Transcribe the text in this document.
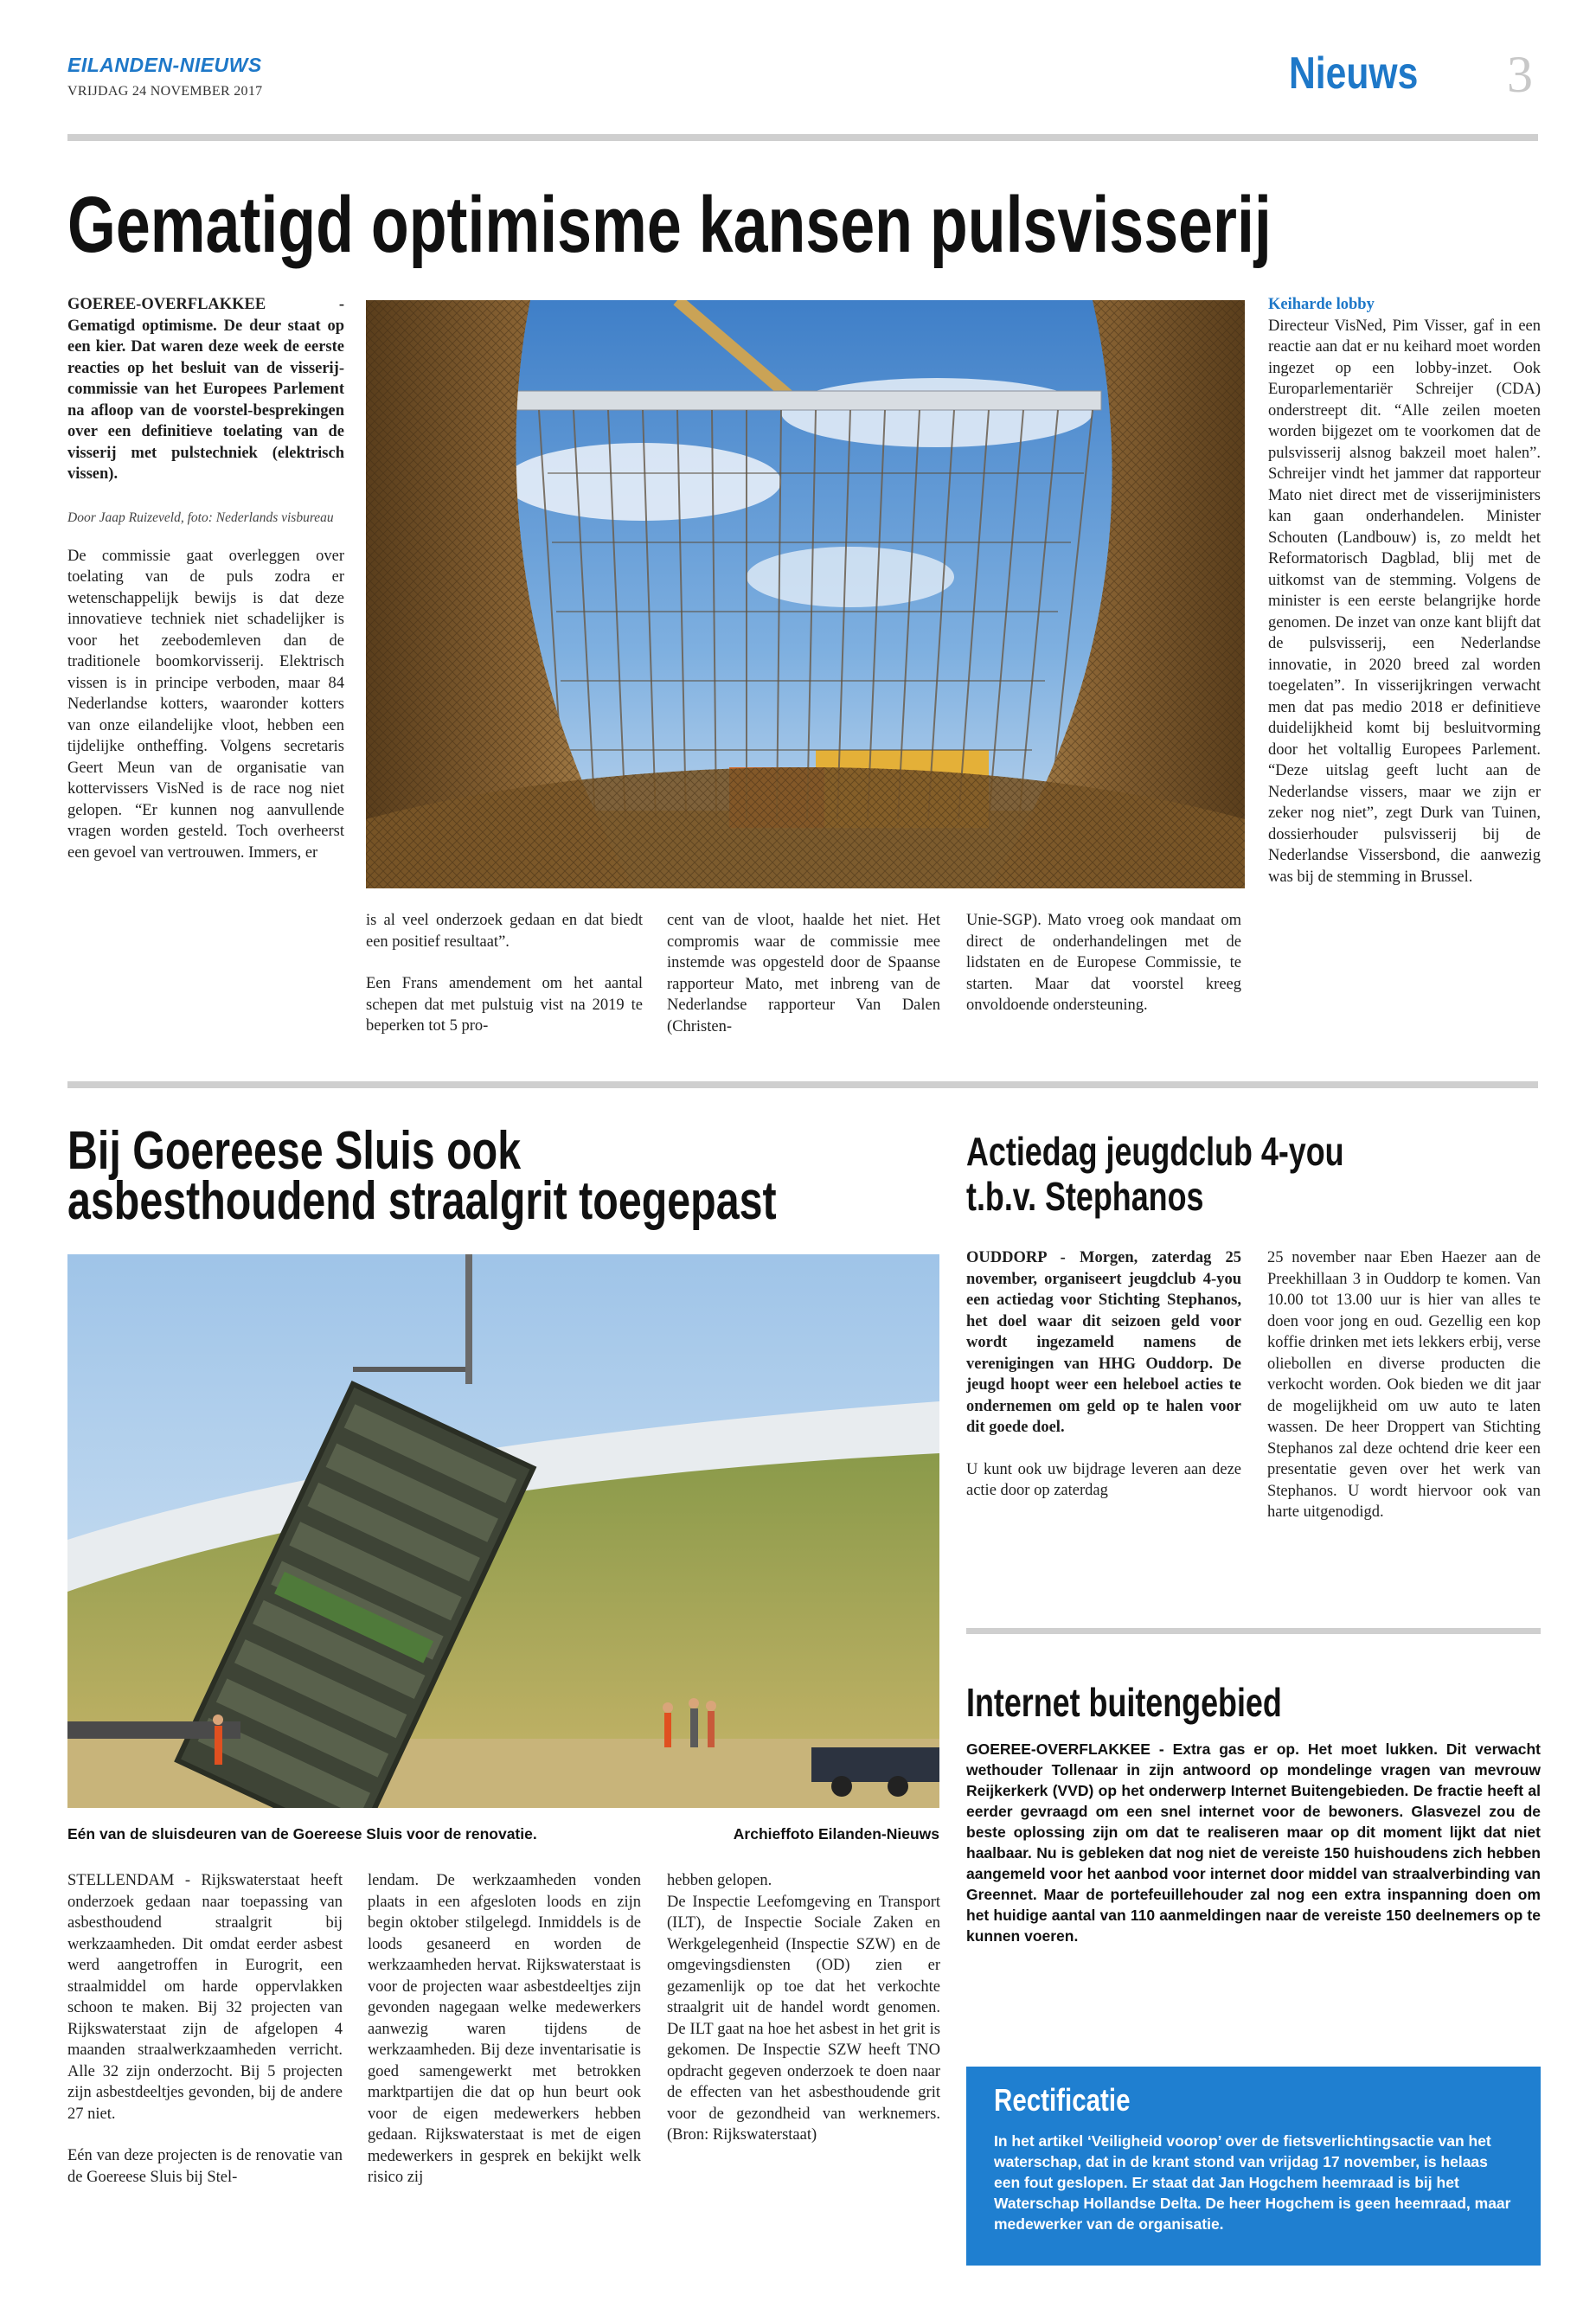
EILANDEN-NIEUWS
VRIJDAG 24 NOVEMBER 2017	Nieuws 3
Gematigd optimisme kansen pulsvisserij

GOEREE-OVERFLAKKEE - Gematigd optimisme. De deur staat op een kier. Dat waren deze week de eerste reacties op het besluit van de visserij-commissie van het Europees Parlement na afloop van de voorstel-besprekingen over een definitieve toelating van de visserij met pulstechniek (elektrisch vissen).

Door Jaap Ruizeveld, foto: Nederlands visbureau

De commissie gaat overleggen over toelating van de puls zodra er wetenschappelijk bewijs is dat deze innovatieve techniek niet schadelijker is voor het zeebodemleven dan de traditionele boomkorvisserij. Elektrisch vissen is in principe verboden, maar 84 Nederlandse kotters, waaronder kotters van onze eilandelijke vloot, hebben een tijdelijke ontheffing. Volgens secretaris Geert Meun van de organisatie van kottervissers VisNed is de race nog niet gelopen. “Er kunnen nog aanvullende vragen worden gesteld. Toch overheerst een gevoel van vertrouwen. Immers, er

is al veel onderzoek gedaan en dat biedt een positief resultaat”.

Een Frans amendement om het aantal schepen dat met pulstuig vist na 2019 te beperken tot 5 pro-

cent van de vloot, haalde het niet. Het compromis waar de commissie mee instemde was opgesteld door de Spaanse rapporteur Mato, met inbreng van de Nederlandse rapporteur Van Dalen (Christen-

Unie-SGP). Mato vroeg ook mandaat om direct de onderhandelingen met de lidstaten en de Europese Commissie, te starten. Maar dat voorstel kreeg onvoldoende ondersteuning.

Keiharde lobby

Directeur VisNed, Pim Visser, gaf in een reactie aan dat er nu keihard moet worden ingezet op een lobby-inzet. Ook Europarlementariër Schreijer (CDA) onderstreept dit. “Alle zeilen moeten worden bijgezet om te voorkomen dat de pulsvisserij alsnog bakzeil moet halen”. Schreijer vindt het jammer dat rapporteur Mato niet direct met de visserijministers kan gaan onderhandelen. Minister Schouten (Landbouw) is, zo meldt het Reformatorisch Dagblad, blij met de uitkomst van de stemming. Volgens de minister is een eerste belangrijke horde genomen. De inzet van onze kant blijft dat de pulsvisserij, een Nederlandse innovatie, in 2020 breed zal worden toegelaten”. In visserijkringen verwacht men dat pas medio 2018 er definitieve duidelijkheid komt bij besluitvorming door het voltallig Europees Parlement. “Deze uitslag geeft lucht aan de Nederlandse vissers, maar we zijn er zeker nog niet”, zegt Durk van Tuinen, dossierhouder pulsvisserij bij de Nederlandse Vissersbond, die aanwezig was bij de stemming in Brussel.

Bij Goereese Sluis ook
asbesthoudend straalgrit toegepast
Eén van de sluisdeuren van de Goereese Sluis voor de renovatie.	Archieffoto Eilanden-Nieuws

STELLENDAM - Rijkswaterstaat heeft onderzoek gedaan naar toepassing van asbesthoudend straalgrit bij werkzaamheden. Dit omdat eerder asbest werd aangetroffen in Eurogrit, een straalmiddel om harde oppervlakken schoon te maken. Bij 32 projecten van Rijkswaterstaat zijn de afgelopen 4 maanden straalwerkzaamheden verricht. Alle 32 zijn onderzocht. Bij 5 projecten zijn asbestdeeltjes gevonden, bij de andere 27 niet.

Eén van deze projecten is de renovatie van de Goereese Sluis bij Stel-

lendam. De werkzaamheden vonden plaats in een afgesloten loods en zijn begin oktober stilgelegd. Inmiddels is de loods gesaneerd en worden de werkzaamheden hervat. Rijkswaterstaat is voor de projecten waar asbestdeeltjes zijn gevonden nagegaan welke medewerkers aanwezig waren tijdens de werkzaamheden. Bij deze inventarisatie is goed samengewerkt met betrokken marktpartijen die dat op hun beurt ook voor de eigen medewerkers hebben gedaan. Rijkswaterstaat is met de eigen medewerkers in gesprek en bekijkt welk risico zij

hebben gelopen.

De Inspectie Leefomgeving en Transport (ILT), de Inspectie Sociale Zaken en Werkgelegenheid (Inspectie SZW) en de omgevingsdiensten (OD) zien er gezamenlijk op toe dat het verkochte straalgrit uit de handel wordt genomen. De ILT gaat na hoe het asbest in het grit is gekomen. De Inspectie SZW heeft TNO opdracht gegeven onderzoek te doen naar de effecten van het asbesthoudende grit voor de gezondheid van werknemers. (Bron: Rijkswaterstaat)

Actiedag jeugdclub 4-you
t.b.v. Stephanos

OUDDORP - Morgen, zaterdag 25 november, organiseert jeugdclub 4-you een actiedag voor Stichting Stephanos, het doel waar dit seizoen geld voor wordt ingezameld namens de verenigingen van HHG Ouddorp. De jeugd hoopt weer een heleboel acties te ondernemen om geld op te halen voor dit goede doel.

U kunt ook uw bijdrage leveren aan deze actie door op zaterdag

25 november naar Eben Haezer aan de Preekhillaan 3 in Ouddorp te komen. Van 10.00 tot 13.00 uur is hier van alles te doen voor jong en oud. Gezellig een kop koffie drinken met iets lekkers erbij, verse oliebollen en diverse producten die verkocht worden. Ook bieden we dit jaar de mogelijkheid om uw auto te laten wassen. De heer Droppert van Stichting Stephanos zal deze ochtend drie keer een presentatie geven over het werk van Stephanos. U wordt hiervoor ook van harte uitgenodigd.

Internet buitengebied
GOEREE-OVERFLAKKEE - Extra gas er op. Het moet lukken. Dit verwacht wethouder Tollenaar in zijn antwoord op mondelinge vragen van mevrouw Reijkerkerk (VVD) op het onderwerp Internet Buitengebieden. De fractie heeft al eerder gevraagd om een snel internet voor de bewoners. Glasvezel zou de beste oplossing zijn om dat te realiseren maar op dit moment lijkt dat niet haalbaar. Nu is gebleken dat nog niet de vereiste 150 huishoudens zich hebben aangemeld voor het aanbod voor internet door middel van straalverbinding van Greennet. Maar de portefeuillehouder zal nog een extra inspanning doen om het huidige aantal van 110 aanmeldingen naar de vereiste 150 deelnemers op te kunnen voeren.
Rectificatie
In het artikel ‘Veiligheid voorop’ over de fietsverlichtingsactie van het waterschap, dat in de krant stond van vrijdag 17 november, is helaas een fout geslopen. Er staat dat Jan Hogchem heemraad is bij het Waterschap Hollandse Delta. De heer Hogchem is geen heemraad, maar medewerker van de organisatie.
